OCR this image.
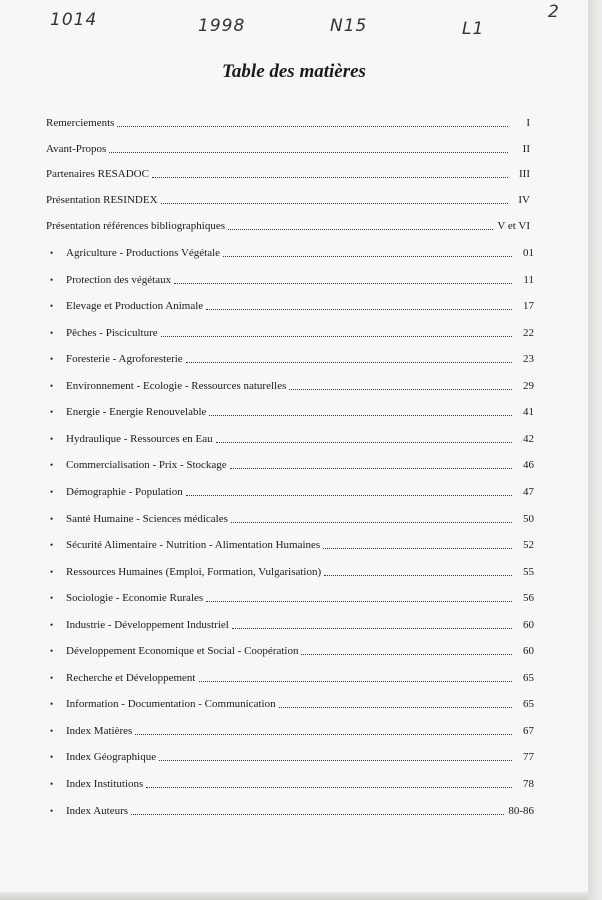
1014	1998	N15	L1
2
Table des matières
Remerciements	I
Avant-Propos	II
Partenaires RESADOC	III
Présentation RESINDEX	IV
Présentation références bibliographiques	V et VI
•	Agriculture - Productions Végétale	01
•	Protection des végétaux	11
•	Elevage et Production Animale	17
•	Pêches - Pisciculture	22
•	Foresterie - Agroforesterie	23
•	Environnement - Ecologie - Ressources naturelles	29
•	Energie - Energie Renouvelable	41
•	Hydraulique - Ressources en Eau	42
•	Commercialisation - Prix - Stockage	46
•	Démographie - Population	47
•	Santé Humaine - Sciences médicales	50
•	Sécurité Alimentaire - Nutrition - Alimentation Humaines	52
•	Ressources Humaines (Emploi, Formation, Vulgarisation)	55
•	Sociologie - Economie Rurales	56
•	Industrie - Développement Industriel	60
•	Développement Economique et Social - Coopération	60
•	Recherche et Développement	65
•	Information - Documentation - Communication	65
•	Index Matières	67
•	Index Géographique	77
•	Index Institutions	78
•	Index Auteurs	80-86
